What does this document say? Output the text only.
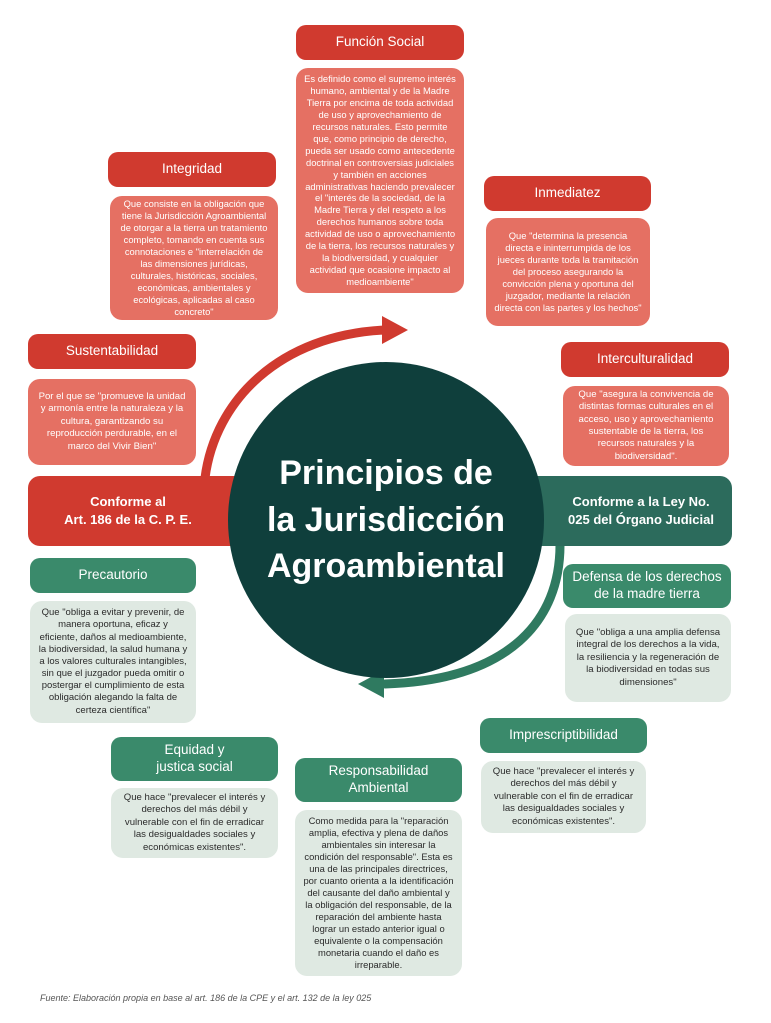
Conforme al
Art. 186 de la C. P. E.
Conforme a la Ley No.
025 del Órgano Judicial
Principios de
la Jurisdicción
Agroambiental
Función Social
Es definido como el supremo interés humano, ambiental y de la Madre Tierra por encima de toda actividad de uso y aprovechamiento de recursos naturales. Esto permite que, como principio de derecho, pueda ser usado como antecedente doctrinal en controversias judiciales y también en acciones administrativas haciendo prevalecer el "interés de la sociedad, de la Madre Tierra y del respeto a los derechos humanos sobre toda actividad de uso o aprovechamiento de la tierra, los recursos naturales y la biodiversidad, y cualquier actividad que ocasione impacto al medioambiente"
Integridad
Que consiste en la obligación que tiene la Jurisdicción Agroambiental de otorgar a la tierra un tratamiento completo, tomando en cuenta sus connotaciones e "interrelación de las dimensiones jurídicas, culturales, históricas, sociales, económicas, ambientales y ecológicas, aplicadas al caso concreto"
Inmediatez
Que "determina la presencia directa e ininterrumpida de los jueces durante toda la tramitación del proceso asegurando la convicción plena y oportuna del juzgador, mediante la relación directa con las partes y los hechos"
Sustentabilidad
Por el que se "promueve la unidad y armonía entre la naturaleza y la cultura, garantizando su reproducción perdurable, en el marco del Vivir Bien"
Interculturalidad
Que "asegura la convivencia de distintas formas culturales en el acceso, uso y aprovechamiento sustentable de la tierra, los recursos naturales y la biodiversidad".
Precautorio
Que "obliga a evitar y prevenir, de manera oportuna, eficaz y eficiente, daños al medioambiente, la biodiversidad, la salud humana y a los valores culturales intangibles, sin que el juzgador pueda omitir o postergar el cumplimiento de esta obligación alegando la falta de certeza científica"
Defensa de los derechos
de la madre tierra
Que "obliga a una amplia defensa integral de los derechos a la vida, la resiliencia y la regeneración de la biodiversidad en todas sus dimensiones"
Imprescriptibilidad
Que hace "prevalecer el interés y derechos del más débil y vulnerable con el fin de erradicar las desigualdades sociales y económicas existentes".
Equidad y
justica social
Que hace "prevalecer el interés y derechos del más débil y vulnerable con el fin de erradicar las desigualdades sociales y económicas existentes".
Responsabilidad
Ambiental
Como medida para la "reparación amplia, efectiva y plena de daños ambientales sin interesar la condición del responsable". Esta es una de las principales directrices, por cuanto orienta a la identificación del causante del daño ambiental y la obligación del responsable, de la reparación del ambiente hasta lograr un estado anterior igual o equivalente o la compensación monetaria cuando el daño es irreparable.
Fuente: Elaboración propia en base al art. 186 de la CPE y el art. 132 de la ley 025
